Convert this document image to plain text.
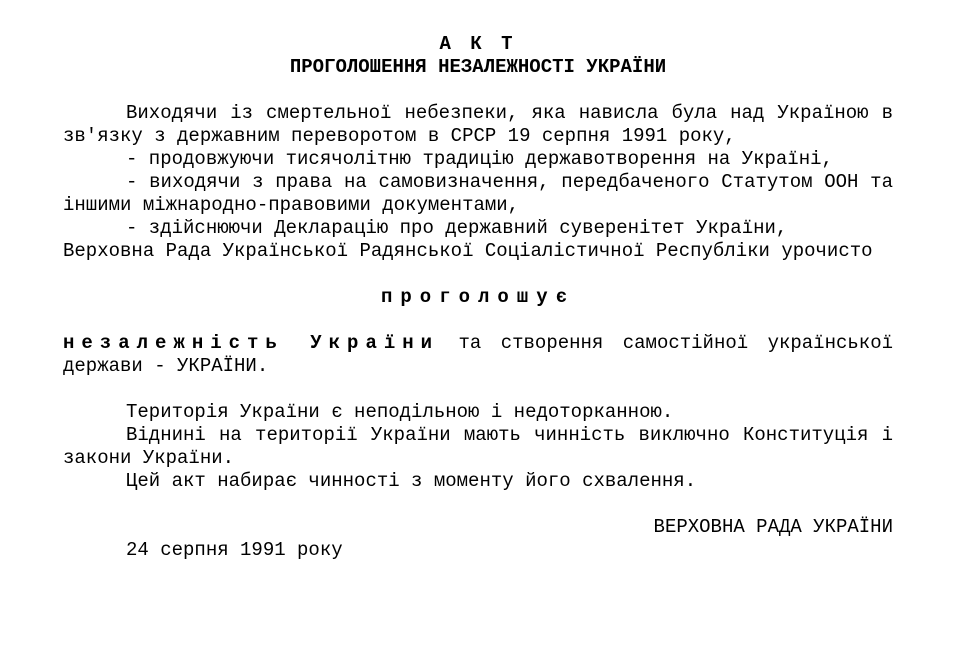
А К Т

ПРОГОЛОШЕННЯ НЕЗАЛЕЖНОСТІ УКРАЇНИ

Виходячи із смертельної небезпеки, яка нависла була над Україною в зв'язку з державним переворотом в СРСР 19 серпня 1991 року,

- продовжуючи тисячолітню традицію державотворення на Україні,

- виходячи з права на самовизначення, передбаченого Статутом ООН та іншими міжнародно-правовими документами,

- здійснюючи Декларацію про державний суверенітет України,

Верховна Рада Української Радянської Соціалістичної Республіки урочисто

проголошує

незалежність України та створення самостійної української держави - УКРАЇНИ.

Територія України є неподільною і недоторканною.

Віднині на території України мають чинність виключно Конституція і закони України.

Цей акт набирає чинності з моменту його схвалення.

ВЕРХОВНА РАДА УКРАЇНИ

24 серпня 1991 року
